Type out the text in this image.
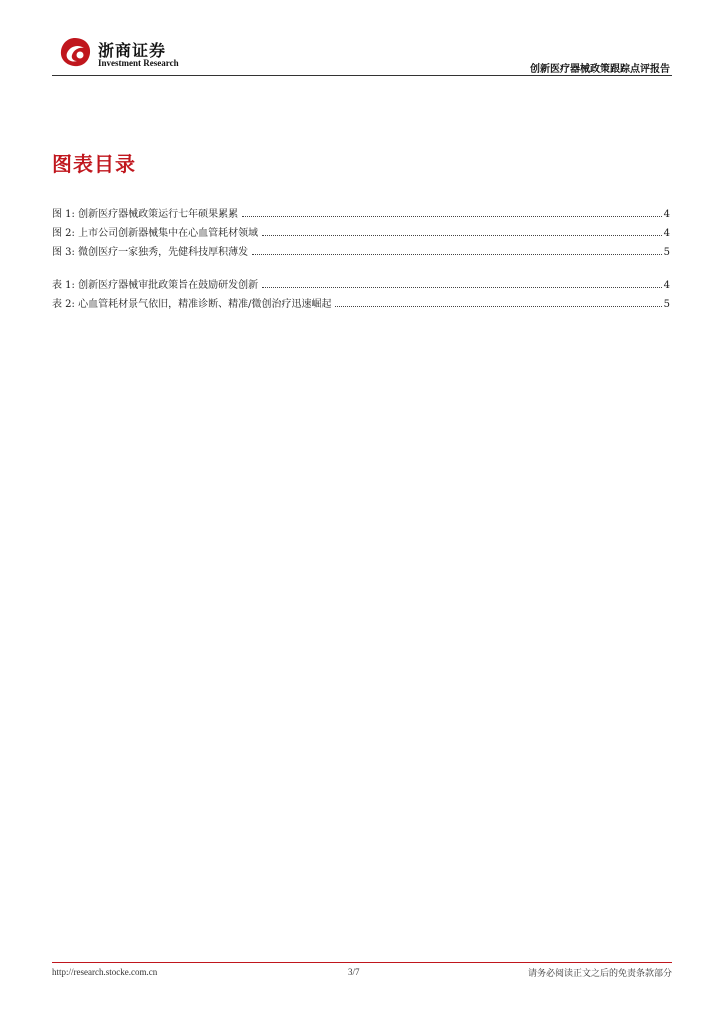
浙商证券
Investment Research
创新医疗器械政策跟踪点评报告
图表目录
图 1: 创新医疗器械政策运行七年硕果累累	4
图 2: 上市公司创新器械集中在心血管耗材领域	4
图 3: 微创医疗一家独秀，先健科技厚积薄发	5
表 1: 创新医疗器械审批政策旨在鼓励研发创新	4
表 2: 心血管耗材景气依旧，精准诊断、精准/微创治疗迅速崛起	5
http://research.stocke.com.cn	3/7	请务必阅读正文之后的免责条款部分
